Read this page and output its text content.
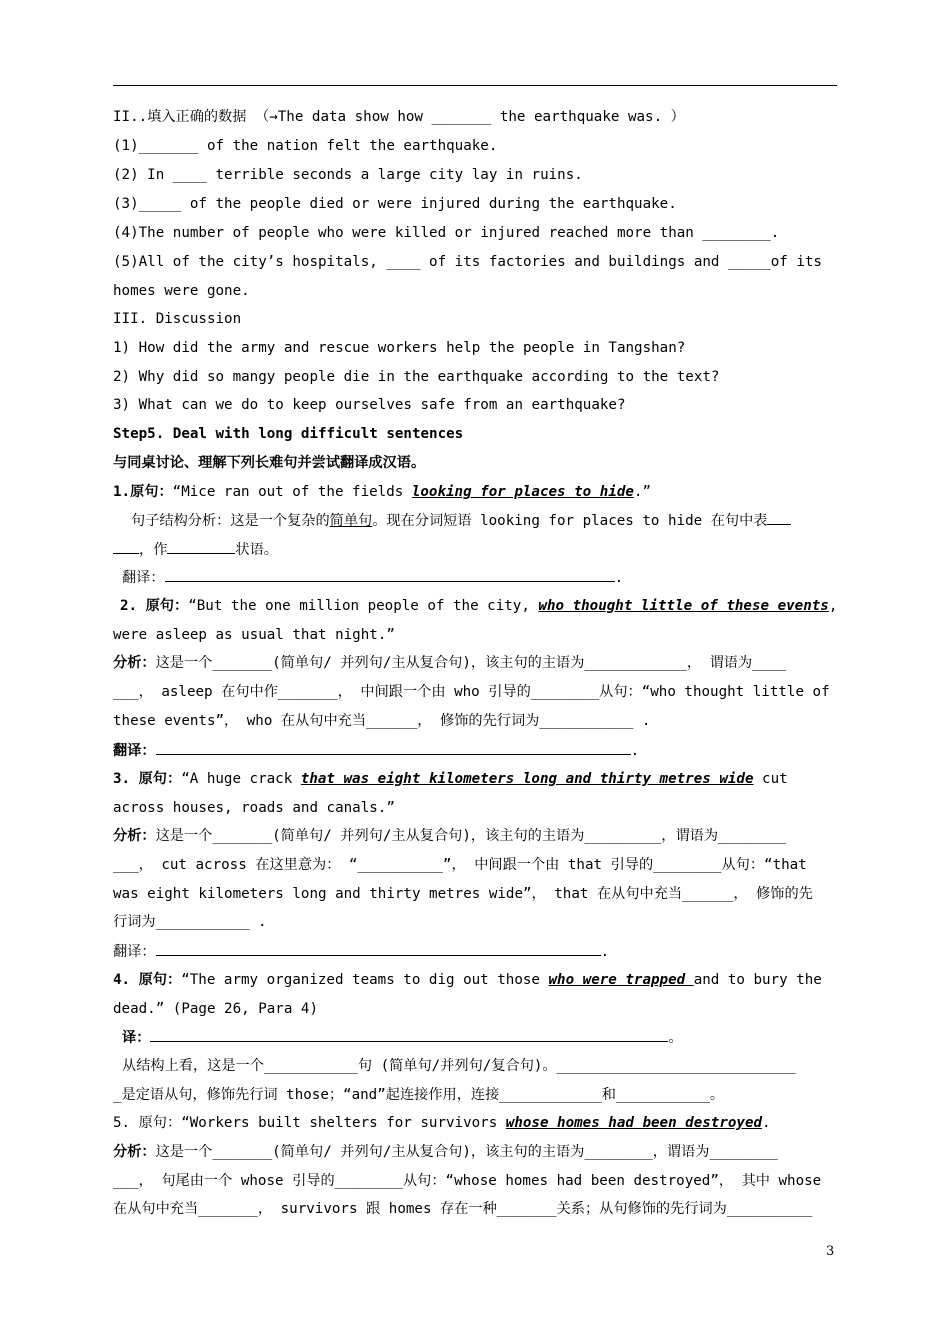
II..填入正确的数据 （→The data show how _______ the earthquake was. ）
(1)_______ of the nation felt the earthquake.
(2) In ____ terrible seconds a large city lay in ruins.
(3)_____ of the people died or were injured during the earthquake.
(4)The number of people who were killed or injured reached more than ________.
(5)All of the city’s hospitals, ____ of its factories and buildings and _____of its
homes were gone.
III. Discussion
1) How did the army and rescue workers help the people in Tangshan?
2) Why did so mangy people die in the earthquake according to the text?
3) What can we do to keep ourselves safe from an earthquake?
Step5. Deal with long difficult sentences
与同桌讨论、理解下列长难句并尝试翻译成汉语。
1.原句：“Mice ran out of the fields looking for places to hide.”
句子结构分析：这是一个复杂的简单句。现在分词短语 looking for places to hide 在句中表
，作	状语。
翻译：	.
2. 原句：“But the one million people of the city, who thought little of these events,
were asleep as usual that night.”
分析：这是一个_______(简单句/ 并列句/主从复合句)，该主句的主语为____________， 谓语为____
___， asleep 在句中作_______， 中间跟一个由 who 引导的________从句：“who thought little of
these events”， who 在从句中充当______， 修饰的先行词为___________ .
翻译：	.
3. 原句：“A huge crack that was eight kilometers long and thirty metres wide cut
across houses, roads and canals.”
分析：这是一个_______(简单句/ 并列句/主从复合句)，该主句的主语为_________，谓语为________
___， cut across 在这里意为： “__________”， 中间跟一个由 that 引导的________从句：“that
was eight kilometers long and thirty metres wide”， that 在从句中充当______， 修饰的先
行词为___________ .
翻译：	.
4. 原句：“The army organized teams to dig out those who were trapped and to bury the
dead.” (Page 26, Para 4)
译：	。
从结构上看，这是一个___________句 (简单句/并列句/复合句)。____________________________
_是定语从句，修饰先行词 those；“and”起连接作用，连接____________和___________。
5. 原句：“Workers built shelters for survivors whose homes had been destroyed.
分析：这是一个_______(简单句/ 并列句/主从复合句)，该主句的主语为________，谓语为________
___， 句尾由一个 whose 引导的________从句：“whose homes had been destroyed”， 其中 whose
在从句中充当_______， survivors 跟 homes 存在一种_______关系；从句修饰的先行词为__________
3
